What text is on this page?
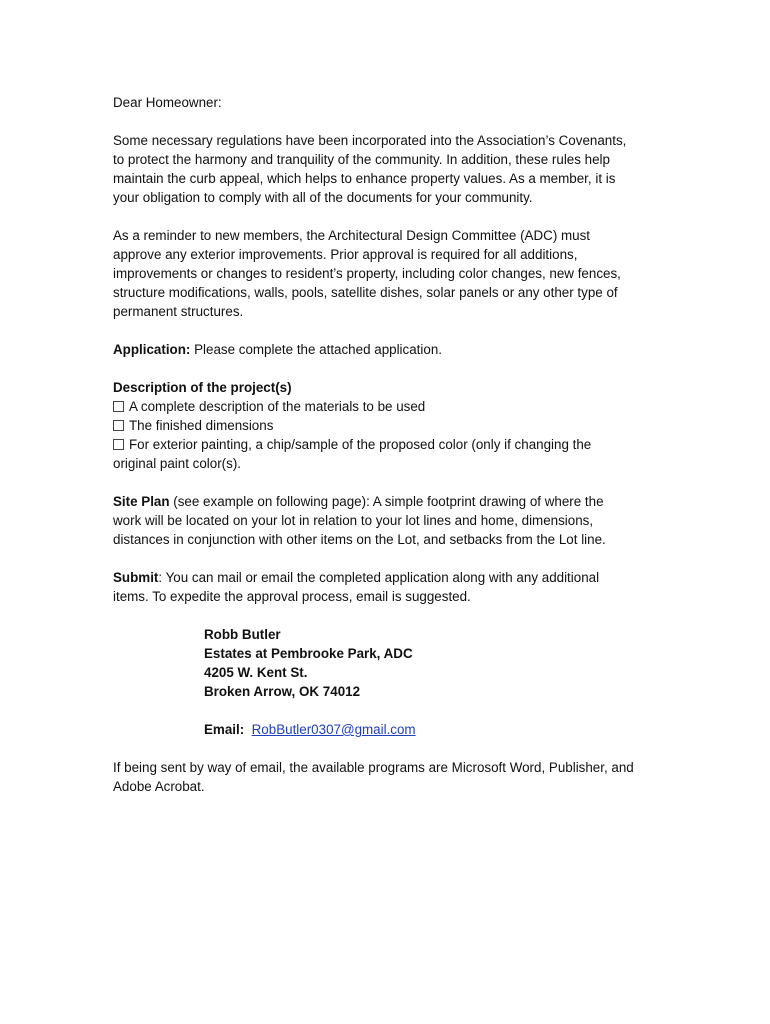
Dear Homeowner:

Some necessary regulations have been incorporated into the Association’s Covenants,
to protect the harmony and tranquility of the community. In addition, these rules help
maintain the curb appeal, which helps to enhance property values. As a member, it is
your obligation to comply with all of the documents for your community.

As a reminder to new members, the Architectural Design Committee (ADC) must
approve any exterior improvements. Prior approval is required for all additions,
improvements or changes to resident’s property, including color changes, new fences,
structure modifications, walls, pools, satellite dishes, solar panels or any other type of
permanent structures.

Application: Please complete the attached application.

Description of the project(s)
A complete description of the materials to be used
The finished dimensions
For exterior painting, a chip/sample of the proposed color (only if changing the
original paint color(s).

Site Plan (see example on following page): A simple footprint drawing of where the
work will be located on your lot in relation to your lot lines and home, dimensions,
distances in conjunction with other items on the Lot, and setbacks from the Lot line.

Submit: You can mail or email the completed application along with any additional
items. To expedite the approval process, email is suggested.

Robb Butler
Estates at Pembrooke Park, ADC
4205 W. Kent St.
Broken Arrow, OK 74012
Email: RobButler0307@gmail.com

If being sent by way of email, the available programs are Microsoft Word, Publisher, and
Adobe Acrobat.
